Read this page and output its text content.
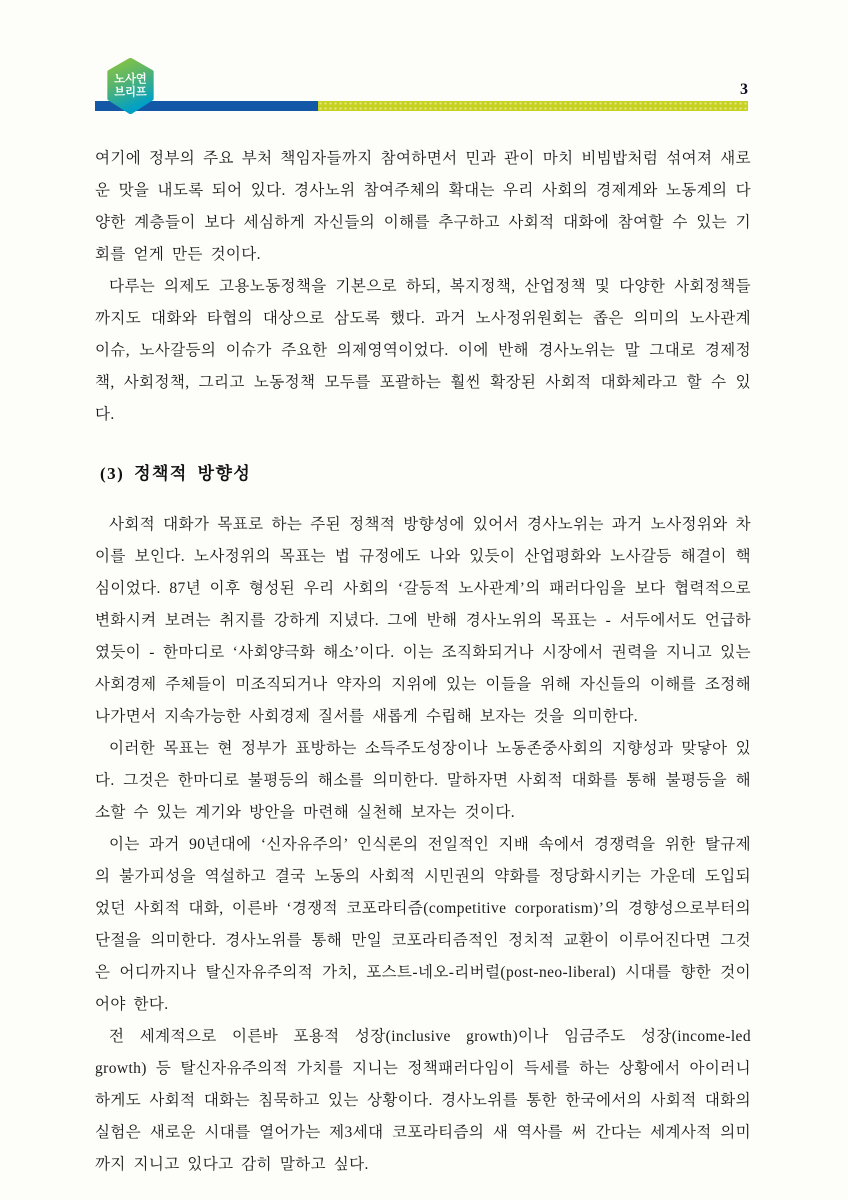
노사연
브리프	3

여기에 정부의 주요 부처 책임자들까지 참여하면서 민과 관이 마치 비빔밥처럼 섞여져 새로운 맛을 내도록 되어 있다. 경사노위 참여주체의 확대는 우리 사회의 경제계와 노동계의 다양한 계층들이 보다 세심하게 자신들의 이해를 추구하고 사회적 대화에 참여할 수 있는 기회를 얻게 만든 것이다.

다루는 의제도 고용노동정책을 기본으로 하되, 복지정책, 산업정책 및 다양한 사회정책들까지도 대화와 타협의 대상으로 삼도록 했다. 과거 노사정위원회는 좁은 의미의 노사관계 이슈, 노사갈등의 이슈가 주요한 의제영역이었다. 이에 반해 경사노위는 말 그대로 경제정책, 사회정책, 그리고 노동정책 모두를 포괄하는 훨씬 확장된 사회적 대화체라고 할 수 있다.

(3) 정책적 방향성

사회적 대화가 목표로 하는 주된 정책적 방향성에 있어서 경사노위는 과거 노사정위와 차이를 보인다. 노사정위의 목표는 법 규정에도 나와 있듯이 산업평화와 노사갈등 해결이 핵심이었다. 87년 이후 형성된 우리 사회의 ‘갈등적 노사관계’의 패러다임을 보다 협력적으로 변화시켜 보려는 취지를 강하게 지녔다. 그에 반해 경사노위의 목표는 - 서두에서도 언급하였듯이 - 한마디로 ‘사회양극화 해소’이다. 이는 조직화되거나 시장에서 권력을 지니고 있는 사회경제 주체들이 미조직되거나 약자의 지위에 있는 이들을 위해 자신들의 이해를 조정해 나가면서 지속가능한 사회경제 질서를 새롭게 수립해 보자는 것을 의미한다.

이러한 목표는 현 정부가 표방하는 소득주도성장이나 노동존중사회의 지향성과 맞닿아 있다. 그것은 한마디로 불평등의 해소를 의미한다. 말하자면 사회적 대화를 통해 불평등을 해소할 수 있는 계기와 방안을 마련해 실천해 보자는 것이다.

이는 과거 90년대에 ‘신자유주의’ 인식론의 전일적인 지배 속에서 경쟁력을 위한 탈규제의 불가피성을 역설하고 결국 노동의 사회적 시민권의 약화를 정당화시키는 가운데 도입되었던 사회적 대화, 이른바 ‘경쟁적 코포라티즘(competitive corporatism)’의 경향성으로부터의 단절을 의미한다. 경사노위를 통해 만일 코포라티즘적인 정치적 교환이 이루어진다면 그것은 어디까지나 탈신자유주의적 가치, 포스트-네오-리버럴(post-neo-liberal) 시대를 향한 것이어야 한다.

전 세계적으로 이른바 포용적 성장(inclusive growth)이나 임금주도 성장(income-led growth) 등 탈신자유주의적 가치를 지니는 정책패러다임이 득세를 하는 상황에서 아이러니 하게도 사회적 대화는 침묵하고 있는 상황이다. 경사노위를 통한 한국에서의 사회적 대화의 실험은 새로운 시대를 열어가는 제3세대 코포라티즘의 새 역사를 써 간다는 세계사적 의미까지 지니고 있다고 감히 말하고 싶다.
